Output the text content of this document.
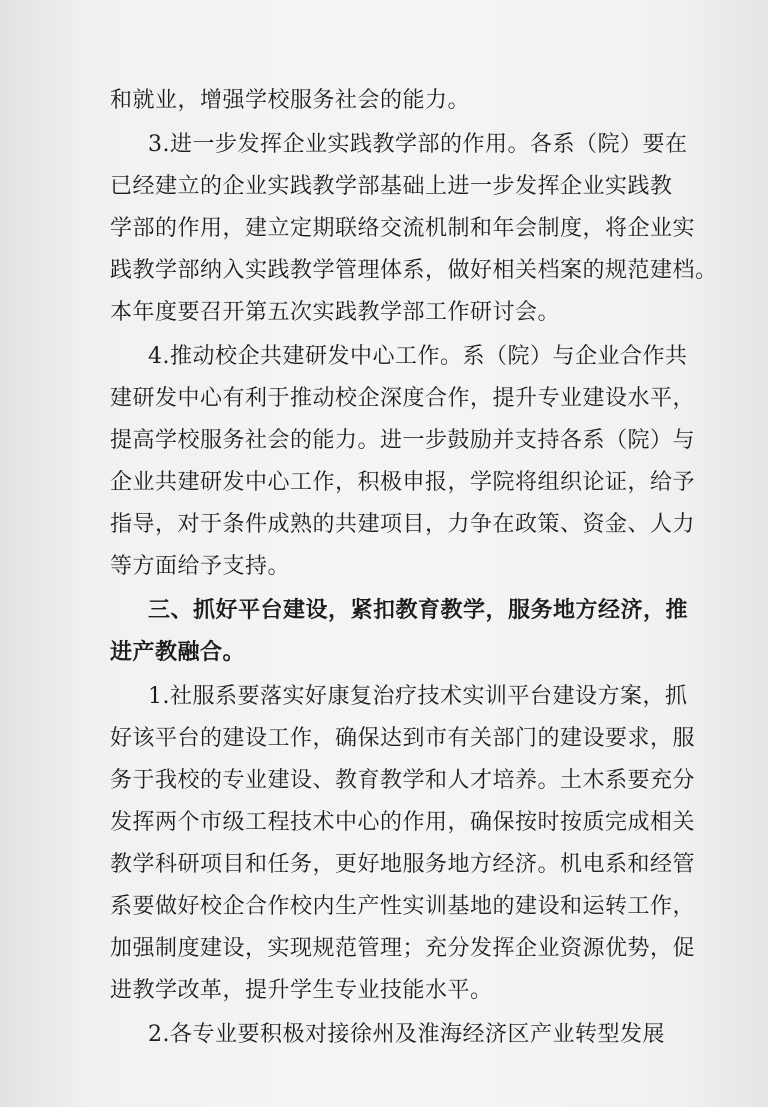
和就业，增强学校服务社会的能力。
3.进一步发挥企业实践教学部的作用。各系（院）要在
已经建立的企业实践教学部基础上进一步发挥企业实践教
学部的作用，建立定期联络交流机制和年会制度，将企业实
践教学部纳入实践教学管理体系，做好相关档案的规范建档。
本年度要召开第五次实践教学部工作研讨会。
4.推动校企共建研发中心工作。系（院）与企业合作共
建研发中心有利于推动校企深度合作，提升专业建设水平，
提高学校服务社会的能力。进一步鼓励并支持各系（院）与
企业共建研发中心工作，积极申报，学院将组织论证，给予
指导，对于条件成熟的共建项目，力争在政策、资金、人力
等方面给予支持。
三、抓好平台建设，紧扣教育教学，服务地方经济，推
进产教融合。
1.社服系要落实好康复治疗技术实训平台建设方案，抓
好该平台的建设工作，确保达到市有关部门的建设要求，服
务于我校的专业建设、教育教学和人才培养。土木系要充分
发挥两个市级工程技术中心的作用，确保按时按质完成相关
教学科研项目和任务，更好地服务地方经济。机电系和经管
系要做好校企合作校内生产性实训基地的建设和运转工作，
加强制度建设，实现规范管理；充分发挥企业资源优势，促
进教学改革，提升学生专业技能水平。
2.各专业要积极对接徐州及淮海经济区产业转型发展
